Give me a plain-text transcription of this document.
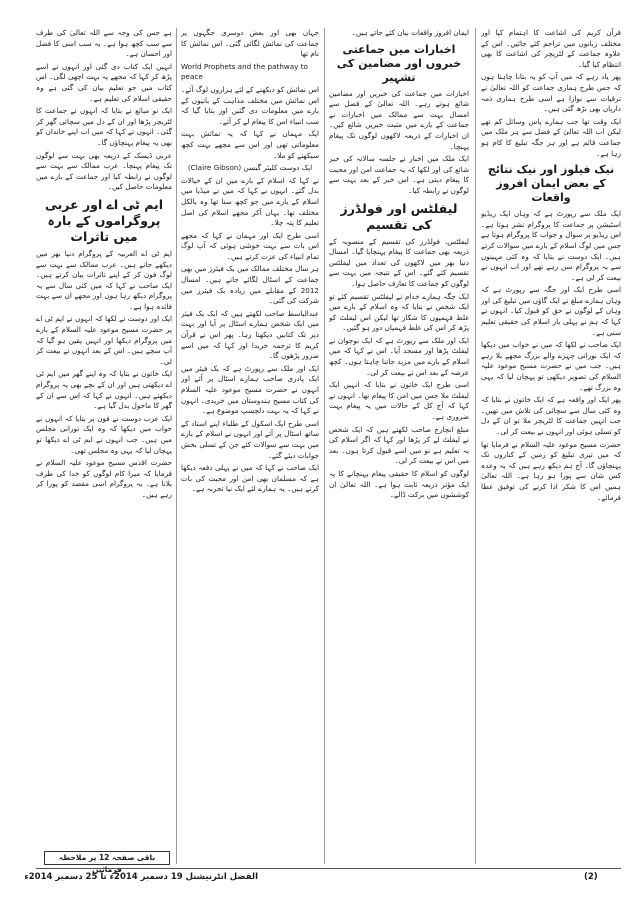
قرآن کریم کی اشاعت کا اہتمام کیا اور مختلف زبانوں میں تراجم کئے جائیں۔ اس کے علاوہ جماعت کے لٹریچر کی اشاعت کا بھی انتظام کیا گیا۔

پھر یاد رہے کہ میں آپ کو یہ بتانا چاہتا ہوں کہ جس طرح ہماری جماعت کو اللہ تعالیٰ نے ترقیات سے نوازا ہے اسی طرح ہماری ذمہ داریاں بھی بڑھ گئی ہیں۔

ایک وقت تھا جب ہمارے پاس وسائل کم تھے لیکن اب اللہ تعالیٰ کے فضل سے ہر ملک میں جماعت قائم ہے اور ہر جگہ تبلیغ کا کام ہو رہا ہے۔

نیک فیلوز اور نیک نتائج کے بعض ایمان افروز واقعات

ایک ملک سے رپورٹ ہے کہ وہاں ایک ریڈیو اسٹیشن پر جماعت کا پروگرام نشر ہوتا ہے۔ اس ریڈیو پر سوال و جواب کا پروگرام ہوتا ہے جس میں لوگ اسلام کے بارے میں سوالات کرتے ہیں۔ ایک دوست نے بتایا کہ وہ کئی مہینوں سے یہ پروگرام سن رہے تھے اور اب انہوں نے بیعت کر لی ہے۔

اسی طرح ایک اور جگہ سے رپورٹ ہے کہ وہاں ہمارے مبلغ نے ایک گاؤں میں تبلیغ کی اور وہاں کے لوگوں نے حق کو قبول کیا۔ انہوں نے کہا کہ ہم نے پہلی بار اسلام کی حقیقی تعلیم سنی ہے۔

ایک صاحب نے لکھا کہ میں نے خواب میں دیکھا کہ ایک نورانی چہرے والے بزرگ مجھے بلا رہے ہیں۔ جب میں نے حضرت مسیح موعود علیہ السلام کی تصویر دیکھی تو پہچان لیا کہ یہی وہ بزرگ تھے۔

پھر ایک اور واقعہ ہے کہ ایک خاتون نے بتایا کہ وہ کئی سال سے سچائی کی تلاش میں تھیں۔ جب انہیں جماعت کا لٹریچر ملا تو ان کے دل کو تسلی ہوئی اور انہوں نے بیعت کر لی۔

حضرت مسیح موعود علیہ السلام نے فرمایا تھا کہ میں تیری تبلیغ کو زمین کے کناروں تک پہنچاؤں گا۔ آج ہم دیکھ رہے ہیں کہ یہ وعدہ کس شان سے پورا ہو رہا ہے۔ اللہ تعالیٰ ہمیں اس کا شکر ادا کرنے کی توفیق عطا فرمائے۔

ایمان افروز واقعات بیان کئے جاتے ہیں۔

اخبارات میں جماعتی خبروں اور مضامین کی تشہیر

اخبارات میں جماعت کی خبریں اور مضامین شائع ہوتے رہے۔ اللہ تعالیٰ کے فضل سے امسال بہت سے ممالک میں اخبارات نے جماعت کے بارے میں مثبت خبریں شائع کیں۔ ان اخبارات کے ذریعہ لاکھوں لوگوں تک پیغام پہنچا۔

ایک ملک میں اخبار نے جلسہ سالانہ کی خبر شائع کی اور لکھا کہ یہ جماعت امن اور محبت کا پیغام دیتی ہے۔ اس خبر کے بعد بہت سے لوگوں نے رابطہ کیا۔

لیفلٹس اور فولڈرز کی تقسیم

لیفلٹس، فولڈرز کی تقسیم کے منصوبہ کے ذریعہ بھی جماعت کا پیغام پہنچایا گیا۔ امسال دنیا بھر میں لاکھوں کی تعداد میں لیفلٹس تقسیم کئے گئے۔ اس کے نتیجہ میں بہت سے لوگوں کو جماعت کا تعارف حاصل ہوا۔

ایک جگہ ہمارے خدام نے لیفلٹس تقسیم کئے تو ایک شخص نے بتایا کہ وہ اسلام کے بارے میں غلط فہمیوں کا شکار تھا لیکن اس لیفلٹ کو پڑھ کر اس کی غلط فہمیاں دور ہو گئیں۔

ایک اور ملک سے رپورٹ ہے کہ ایک نوجوان نے لیفلٹ پڑھا اور مسجد آیا۔ اس نے کہا کہ میں اسلام کے بارے میں مزید جاننا چاہتا ہوں۔ کچھ عرصہ کے بعد اس نے بیعت کر لی۔

اسی طرح ایک خاتون نے بتایا کہ انہیں ایک لیفلٹ ملا جس میں امن کا پیغام تھا۔ انہوں نے کہا کہ آج کل کے حالات میں یہ پیغام بہت ضروری ہے۔

مبلغ انچارج صاحب لکھتے ہیں کہ ایک شخص نے لیفلٹ لے کر پڑھا اور کہا کہ اگر اسلام کی یہ تعلیم ہے تو میں اسے قبول کرتا ہوں۔ بعد میں اس نے بیعت کر لی۔

لوگوں کو اسلام کا حقیقی پیغام پہنچانے کا یہ ایک مؤثر ذریعہ ثابت ہوا ہے۔ اللہ تعالیٰ ان کوششوں میں برکت ڈالے۔

جہاں بھی اور بعض دوسری جگہوں پر جماعت کی نمائش لگائی گئی۔ اس نمائش کا نام تھا

World Prophets and the pathway to peace

اس نمائش کو دیکھنے کے لئے ہزاروں لوگ آئے۔ اس نمائش میں مختلف مذاہب کے بانیوں کے بارے میں معلومات دی گئیں اور بتایا گیا کہ سب انبیاء امن کا پیغام لے کر آئے۔

ایک مہمان نے کہا کہ یہ نمائش بہت معلوماتی تھی اور اس سے مجھے بہت کچھ سیکھنے کو ملا۔

ایک دوست کلیئر گبسن (Claire Gibson)

نے کہا کہ اسلام کے بارے میں ان کے خیالات بدل گئے۔ انہوں نے کہا کہ میں نے میڈیا میں اسلام کے بارے میں جو کچھ سنا تھا وہ بالکل مختلف تھا۔ یہاں آکر مجھے اسلام کی اصل تعلیم کا پتہ چلا۔

اسی طرح ایک اور مہمان نے کہا کہ مجھے اس بات سے بہت خوشی ہوئی کہ آپ لوگ تمام انبیاء کی عزت کرتے ہیں۔

ہر سال مختلف ممالک میں بک فیئرز میں بھی جماعت کے اسٹال لگائے جاتے ہیں۔ امسال 2012 کے مقابلے میں زیادہ بک فیئرز میں شرکت کی گئی۔

عبدالباسط صاحب لکھتے ہیں کہ ایک بک فیئر میں ایک شخص ہمارے اسٹال پر آیا اور بہت دیر تک کتابیں دیکھتا رہا۔ پھر اس نے قرآن کریم کا ترجمہ خریدا اور کہا کہ میں اسے ضرور پڑھوں گا۔

ایک اور ملک سے رپورٹ ہے کہ بک فیئر میں ایک پادری صاحب ہمارے اسٹال پر آئے اور انہوں نے حضرت مسیح موعود علیہ السلام کی کتاب مسیح ہندوستان میں خریدی۔ انہوں نے کہا کہ یہ بہت دلچسپ موضوع ہے۔

اسی طرح ایک اسکول کے طلباء اپنے استاد کے ساتھ اسٹال پر آئے اور انہوں نے اسلام کے بارے میں بہت سے سوالات کئے جن کے تسلی بخش جوابات دیئے گئے۔

ایک صاحب نے کہا کہ میں نے پہلی دفعہ دیکھا ہے کہ مسلمان بھی امن اور محبت کی بات کرتے ہیں۔ یہ ہمارے لئے ایک نیا تجربہ ہے۔

ہے جس کی وجہ سے اللہ تعالیٰ کی طرف سے سب کچھ ہوا ہے۔ یہ سب اسی کا فضل اور احسان ہے۔

انہیں ایک کتاب دی گئی اور انہوں نے اسے پڑھ کر کہا کہ مجھے یہ بہت اچھی لگی۔ اس کتاب میں جو تعلیم بیان کی گئی ہے وہ حقیقی اسلام کی تعلیم ہے۔

ایک نو مبائع نے بتایا کہ انہوں نے جماعت کا لٹریچر پڑھا اور ان کے دل میں سچائی گھر کر گئی۔ انہوں نے کہا کہ میں اب اپنے خاندان کو بھی یہ پیغام پہنچاؤں گا۔

عربی ڈیسک کے ذریعہ بھی بہت سے لوگوں تک پیغام پہنچا۔ عرب ممالک سے بہت سے لوگوں نے رابطہ کیا اور جماعت کے بارے میں معلومات حاصل کیں۔

ایم ٹی اے اور عربی پروگراموں کے بارہ میں تاثرات

ایم ٹی اے العربیہ کے پروگرام دنیا بھر میں دیکھے جاتے ہیں۔ عرب ممالک سے بہت سے لوگ فون کر کے اپنے تاثرات بیان کرتے ہیں۔ ایک صاحب نے کہا کہ میں کئی سال سے یہ پروگرام دیکھ رہا ہوں اور مجھے ان سے بہت فائدہ ہوا ہے۔

ایک اور دوست نے لکھا کہ انہوں نے ایم ٹی اے پر حضرت مسیح موعود علیہ السلام کے بارے میں پروگرام دیکھا اور انہیں یقین ہو گیا کہ آپ سچے ہیں۔ اس کے بعد انہوں نے بیعت کر لی۔

ایک خاتون نے بتایا کہ وہ اپنے گھر میں ایم ٹی اے دیکھتی ہیں اور ان کے بچے بھی یہ پروگرام دیکھتے ہیں۔ انہوں نے کہا کہ اس سے ان کے گھر کا ماحول بدل گیا ہے۔

ایک عرب دوست نے فون پر بتایا کہ انہوں نے خواب میں دیکھا کہ وہ ایک نورانی مجلس میں ہیں۔ جب انہوں نے ایم ٹی اے دیکھا تو پہچان لیا کہ یہی وہ مجلس تھی۔

حضرت اقدس مسیح موعود علیہ السلام نے فرمایا کہ میرا کام لوگوں کو خدا کی طرف بلانا ہے۔ یہ پروگرام اسی مقصد کو پورا کر رہے ہیں۔

باقی صفحہ 12 پر ملاحظہ فرمائیں
الفضل انٹرنیشنل 19 دسمبر 2014ء تا 25 دسمبر 2014ء	(2)
